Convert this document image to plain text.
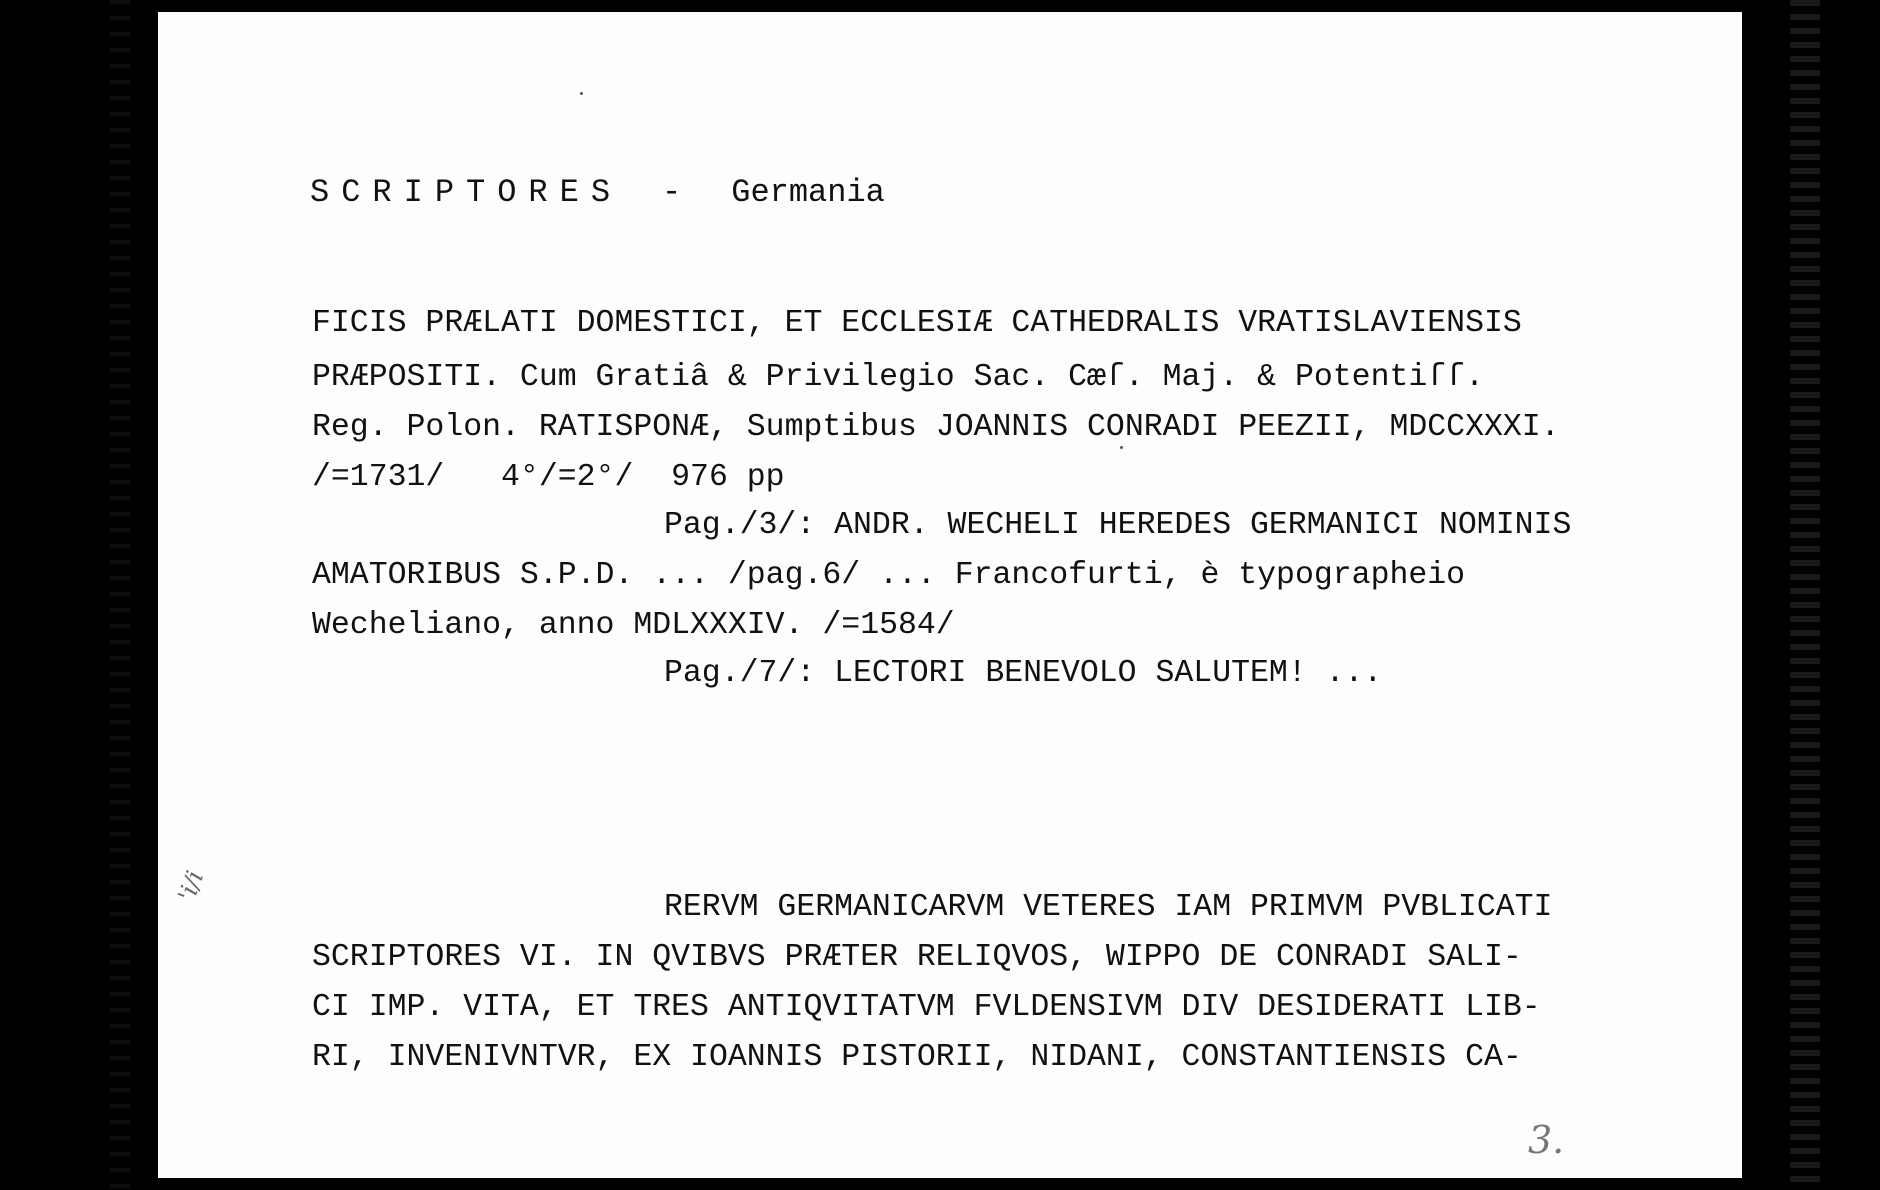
SCRIPTORES - Germania
FICIS PRÆLATI DOMESTICI, ET ECCLESIÆ CATHEDRALIS VRATISLAVIENSIS
PRÆPOSITI. Cum Gratiâ & Privilegio Sac. Cæſ. Maj. & Potentiſſ.
Reg. Polon. RATISPONÆ, Sumptibus JOANNIS CONRADI PEEZII, MDCCXXXI.
/=1731/   4°/=2°/  976 pp
Pag./3/: ANDR. WECHELI HEREDES GERMANICI NOMINIS
AMATORIBUS S.P.D. ... /pag.6/ ... Francofurti, è typographeio
Wecheliano, anno MDLXXXIV. /=1584/
Pag./7/: LECTORI BENEVOLO SALUTEM! ...
RERVM GERMANICARVM VETERES IAM PRIMVM PVBLICATI
SCRIPTORES VI. IN QVIBVS PRÆTER RELIQVOS, WIPPO DE CONRADI SALI-
CI IMP. VITA, ET TRES ANTIQVITATVM FVLDENSIVM DIV DESIDERATI LIB-
RI, INVENIVNTVR, EX IOANNIS PISTORII, NIDANI, CONSTANTIENSIS CA-
'i/i
3.
